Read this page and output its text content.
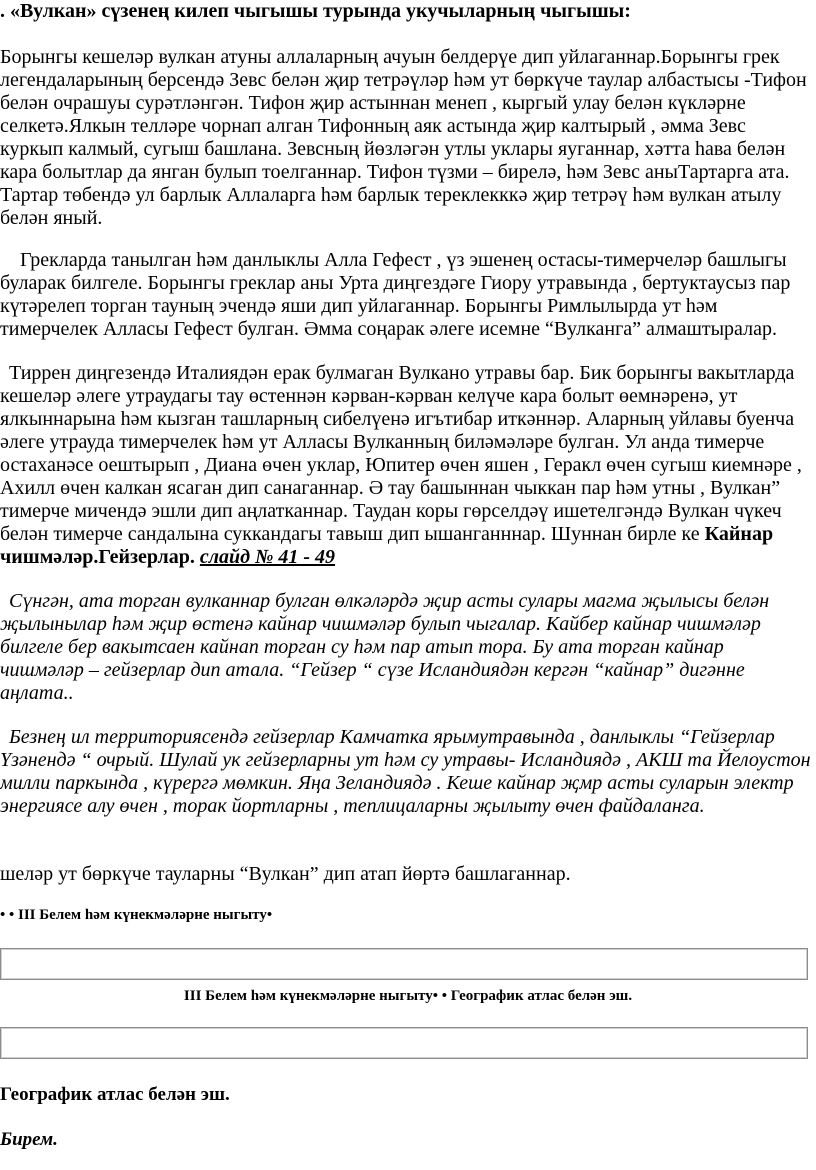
. «Вулкан» сүзенең килеп чыгышы турында укучыларның чыгышы:

Борынгы кешеләр вулкан атуны аллаларның ачуын белдерүе дип уйлаганнар.Борынгы грек легендаларының берсендә Зевс белән җир тетрәүләр һәм ут бөркүче таулар албастысы -Тифон белән очрашуы сурәтләнгән. Тифон җир астыннан менеп , кыргый улау белән күкләрне селкетә.Ялкын телләре чорнап алган Тифонның аяк астында җир калтырый , әмма Зевс куркып калмый, сугыш башлана. Зевсның йөзләгән утлы уклары яуганнар, хәтта һава белән кара болытлар да янган булып тоелганнар. Тифон түзми – бирелә, һәм Зевс аныТартарга ата. Тартар төбендә ул барлык Аллаларга һәм барлык тереклекккә җир тетрәү һәм вулкан атылу белән яный.

Грекларда танылган һәм данлыклы Алла Гефест , үз эшенең остасы-тимерчеләр башлыгы буларак билгеле. Борынгы греклар аны Урта диңгездәге Гиору утравында , бертуктаусыз пар күтәрелеп торган тауның эчендә яши дип уйлаганнар. Борынгы Римлылырда ут һәм тимерчелек Алласы Гефест булган. Әмма соңарак әлеге исемне “Вулканга” алмаштыралар.

Тиррен диңгезендә Италиядән ерак булмаган Вулкано утравы бар. Бик борынгы вакытларда кешеләр әлеге утраудагы тау өстеннән кәрван-кәрван келүче кара болыт өемнәренә, ут ялкыннарына һәм кызган ташларның сибелүенә игътибар иткәннәр. Аларның уйлавы буенча әлеге утрауда тимерчелек һәм ут Алласы Вулканның биләмәләре булган. Ул анда тимерче остаханәсе оештырып , Диана өчен уклар, Юпитер өчен яшен , Геракл өчен сугыш киемнәре , Ахилл өчен калкан ясаган дип санаганнар. Ә тау башыннан чыккан пар һәм утны , Вулкан” тимерче мичендә эшли дип аңлатканнар. Таудан коры гөрселдәү ишетелгәндә Вулкан чүкеч белән тимерче сандалына суккандагы тавыш дип ышанганннар. Шуннан бирле ке Кайнар чишмәләр.Гейзерлар. слайд № 41 - 49

Сүнгән, ата торган вулканнар булган өлкәләрдә җир асты сулары магма җылысы белән җылынылар һәм җир өстенә кайнар чишмәләр булып чыгалар. Кайбер кайнар чишмәләр билгеле бер вакытсаен кайнап торган су һәм пар атып тора. Бу ата торган кайнар чишмәләр – гейзерлар дип атала. “Гейзер “ сүзе Исландиядән кергән “кайнар” дигәнне аңлата..

Безнең ил территориясендә гейзерлар Камчатка ярымутравында , данлыклы “Гейзерлар Үзәнендә “ очрый. Шулай ук гейзерларны ут һәм су утравы- Исландиядә , АКШ та Йелоустон милли паркында , күрергә мөмкин. Яңа Зеландиядә . Кеше кайнар җмр асты суларын электр энергиясе алу өчен , торак йортларны , теплицаларны җылыту өчен файдаланга.

шеләр ут бөркүче тауларны “Вулкан” дип атап йөртә башлаганнар.

• • III Белем һәм күнекмәләрне ныгыту•
III Белем һәм күнекмәләрне ныгыту• • Географик атлас белән эш.
Географик атлас белән эш.
Бирем.
